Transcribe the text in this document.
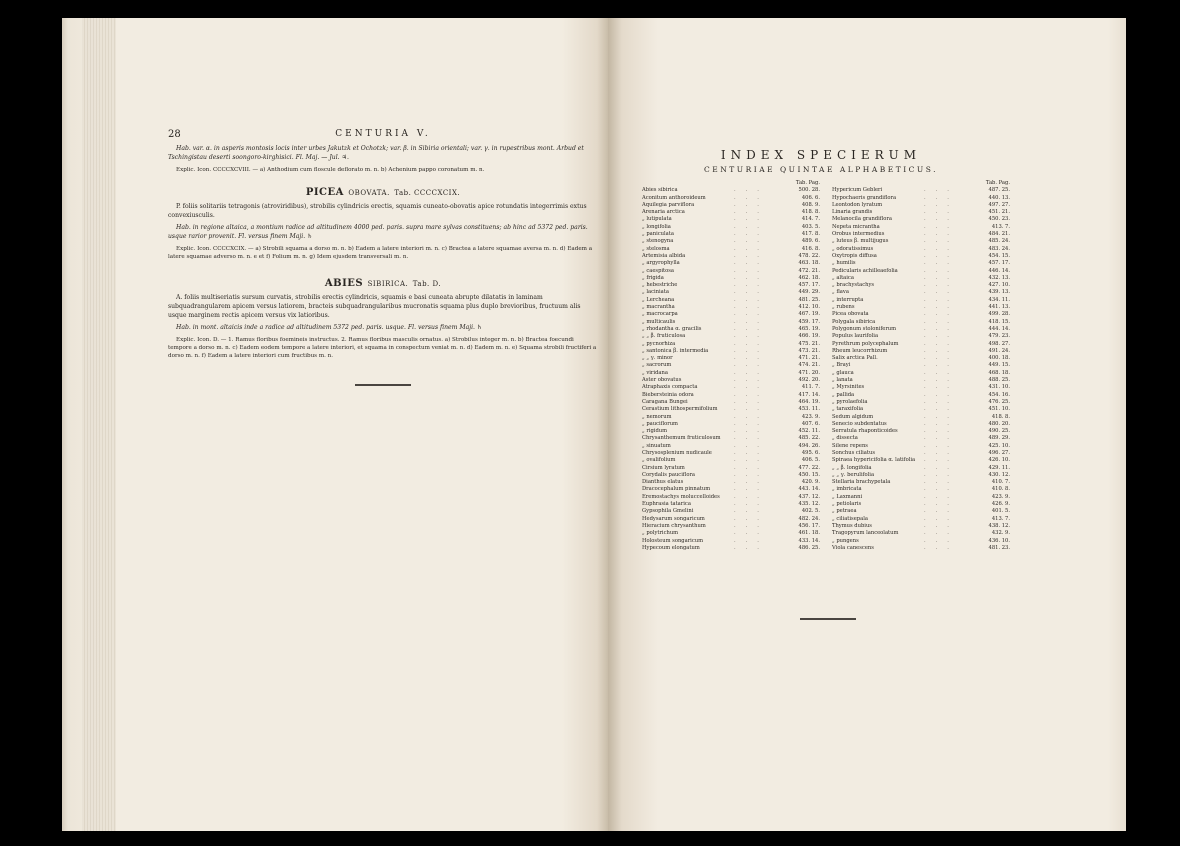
28	CENTURIA V.
Hab. var. α. in asperis montosis locis inter urbes Jakutzk et Ochotzk; var. β. in Sibiria orientali; var. γ. in rupestribus mont. Arbud et Tschingistau deserti soongoro-kirghisici. Fl. Maj. — Jul. ♃.
Explic. Icon. CCCCXCVIII. — a) Anthodium cum floscule deflorato m. n. b) Achenium pappo coronatum m. n.
PICEA OBOVATA. Tab. CCCCXCIX.
P. foliis solitariis tetragonis (atroviridibus), strobilis cylindricis erectis, squamis cuneato-obovatis apice rotundatis integerrimis extus convexiusculis.
Hab. in regione altaica, a montium radice ad altitudinem 4000 ped. paris. supra mare sylvas constituens; ab hinc ad 5372 ped. paris. usque rarior provenit. Fl. versus finem Maji. ♄
Explic. Icon. CCCCXCIX. — a) Strobili squama a dorso m. n. b) Eadem a latere interiori m. n. c) Bractea a latere squamae aversa m. n. d) Eadem a latere squamae adverso m. n. e et f) Folium m. n. g) Idem ejusdem transversali m. n.
ABIES SIBIRICA. Tab. D.
A. foliis multiseriatis sursum curvatis, strobilis erectis cylindricis, squamis e basi cuneata abrupte dilatatis in laminam subquadrangularem apicem versus latiorem, bracteis subquadrangularibus mucronatis squama plus duplo brevioribus, fructuum alis usque marginem rectis apicem versus vix latioribus.
Hab. in mont. altaicis inde a radice ad altitudinem 5372 ped. paris. usque. Fl. versus finem Maji. ♄
Explic. Icon. D. — 1. Ramus floribus foemineis instructus. 2. Ramus floribus masculis ornatus. a) Strobilus integer m. n. b) Bractea foecundi tempore a dorso m. n. c) Eadem eodem tempore a latere interiori, et squama in conspectum veniat m. n. d) Eadem m. n. e) Squama strobili fructiferi a dorso m. n. f) Eadem a latere interiori cum fructibus m. n.
INDEX SPECIERUM
CENTURIAE QUINTAE ALPHABETICUS.
Tab. Pag.
Abies sibirica	...	500. 28.
Aconitum anthoroideum	...	406. 6.
Aquilegia parviflora	...	408. 9.
Arenaria arctica	...	418. 8.
„ lutipulata	...	414. 7.
„ longifolia	...	403. 5.
„ paniculata	...	417. 8.
„ stenogyna	...	489. 6.
„ stelosma	...	416. 8.
Artemisia albida	...	478. 22.
„ argyrophylla	...	463. 18.
„ caespitosa	...	472. 21.
„ frigida	...	462. 18.
„ hebestriche	...	457. 17.
„ laciniata	...	449. 29.
„ Lercheana	...	481. 25.
„ macrantha	...	412. 10.
„ macrocarpa	...	467. 19.
„ multicaulis	...	459. 17.
„ rhodantha α. gracilis	...	465. 19.
„ „ β. fruticulosa	...	466. 19.
„ pycnorhiza	...	475. 21.
„ santonica β. intermedia	...	473. 21.
„ „ γ. minor	...	471. 21.
„ sacrorum	...	474. 21.
„ viridana	...	471. 20.
Aster obovatus	...	492. 20.
Atraphaxis compacta	...	411. 7.
Biebersteinia odora	...	417. 14.
Caragana Bungei	...	464. 19.
Cerastium lithospermifolium	...	453. 11.
„ nemorum	...	423. 9.
„ pauciflorum	...	407. 6.
„ rigidum	...	452. 11.
Chrysanthemum fruticulosum	...	485. 22.
„ sinuatum	...	494. 26.
Chrysosplenium nudicaule	...	495. 6.
„ ovalifolium	...	406. 5.
Cirsium lyratum	...	477. 22.
Corydalis pauciflora	...	450. 15.
Dianthus elatus	...	420. 9.
Dracocephalum pinnatum	...	443. 14.
Eremostachys moluccelloides	...	437. 12.
Euphrasia tatarica	...	435. 12.
Gypsophila Gmelini	...	402. 5.
Hedysarum songaricum	...	482. 24.
Hieracium chrysanthum	...	456. 17.
„ polytrichum	...	461. 18.
Holosteum songaricum	...	433. 14.
Hypecoum elongatum	...	486. 25.
Tab. Pag.
Hypericum Gebleri	...	487. 25.
Hypochaeris grandiflora	...	440. 13.
Leontodon lyratum	...	497. 27.
Linaria grandis	...	451. 21.
Melanocila grandiflora	...	450. 23.
Nepeta micrantha	...	413. 7.
Orobus intermedius	...	484. 21.
„ luteus β. multijugus	...	485. 24.
„ odoratissimus	...	483. 24.
Oxytropis diffusa	...	454. 15.
„ humilis	...	457. 17.
Pedicularis achilleaefolia	...	446. 14.
„ altaica	...	432. 13.
„ brachystachys	...	427. 10.
„ flava	...	439. 13.
„ interrupta	...	434. 11.
„ rubens	...	441. 13.
Picea obovata	...	499. 28.
Polygala sibirica	...	418. 15.
Polygonum stoloniferum	...	444. 14.
Populus laurifolia	...	479. 23.
Pyrethrum polycephalum	...	498. 27.
Rheum leucorrhizum	...	491. 24.
Salix arctica Pall.	...	400. 18.
„ Brayi	...	449. 15.
„ glauca	...	468. 18.
„ lanata	...	488. 25.
„ Myrsinites	...	431. 10.
„ pallida	...	454. 16.
„ pyrolaefolia	...	476. 25.
„ taraxifolia	...	451. 10.
Sedum algidum	...	418. 8.
Senecio subdentatus	...	480. 20.
Serratula rhaponticoides	...	490. 25.
„ dissecta	...	489. 29.
Silene repens	...	425. 10.
Sonchus ciliatus	...	496. 27.
Spiraea hypericifolia α. latifolia ...	426. 10.
„ „ β. longifolia	...	429. 11.
„ „ γ. berulifolia	...	430. 12.
Stellaria brachypetala	...	410. 7.
„ imbricata	...	410. 8.
„ Laxmanni	...	423. 9.
„ petiolaris	...	426. 9.
„ petraea	...	401. 5.
„ ciliatisepala	...	413. 7.
Thymus dubius	...	438. 12.
Tragopyrum lanceolatum	...	432. 9.
„ pungens	...	436. 10.
Viola canescens	...	481. 23.
